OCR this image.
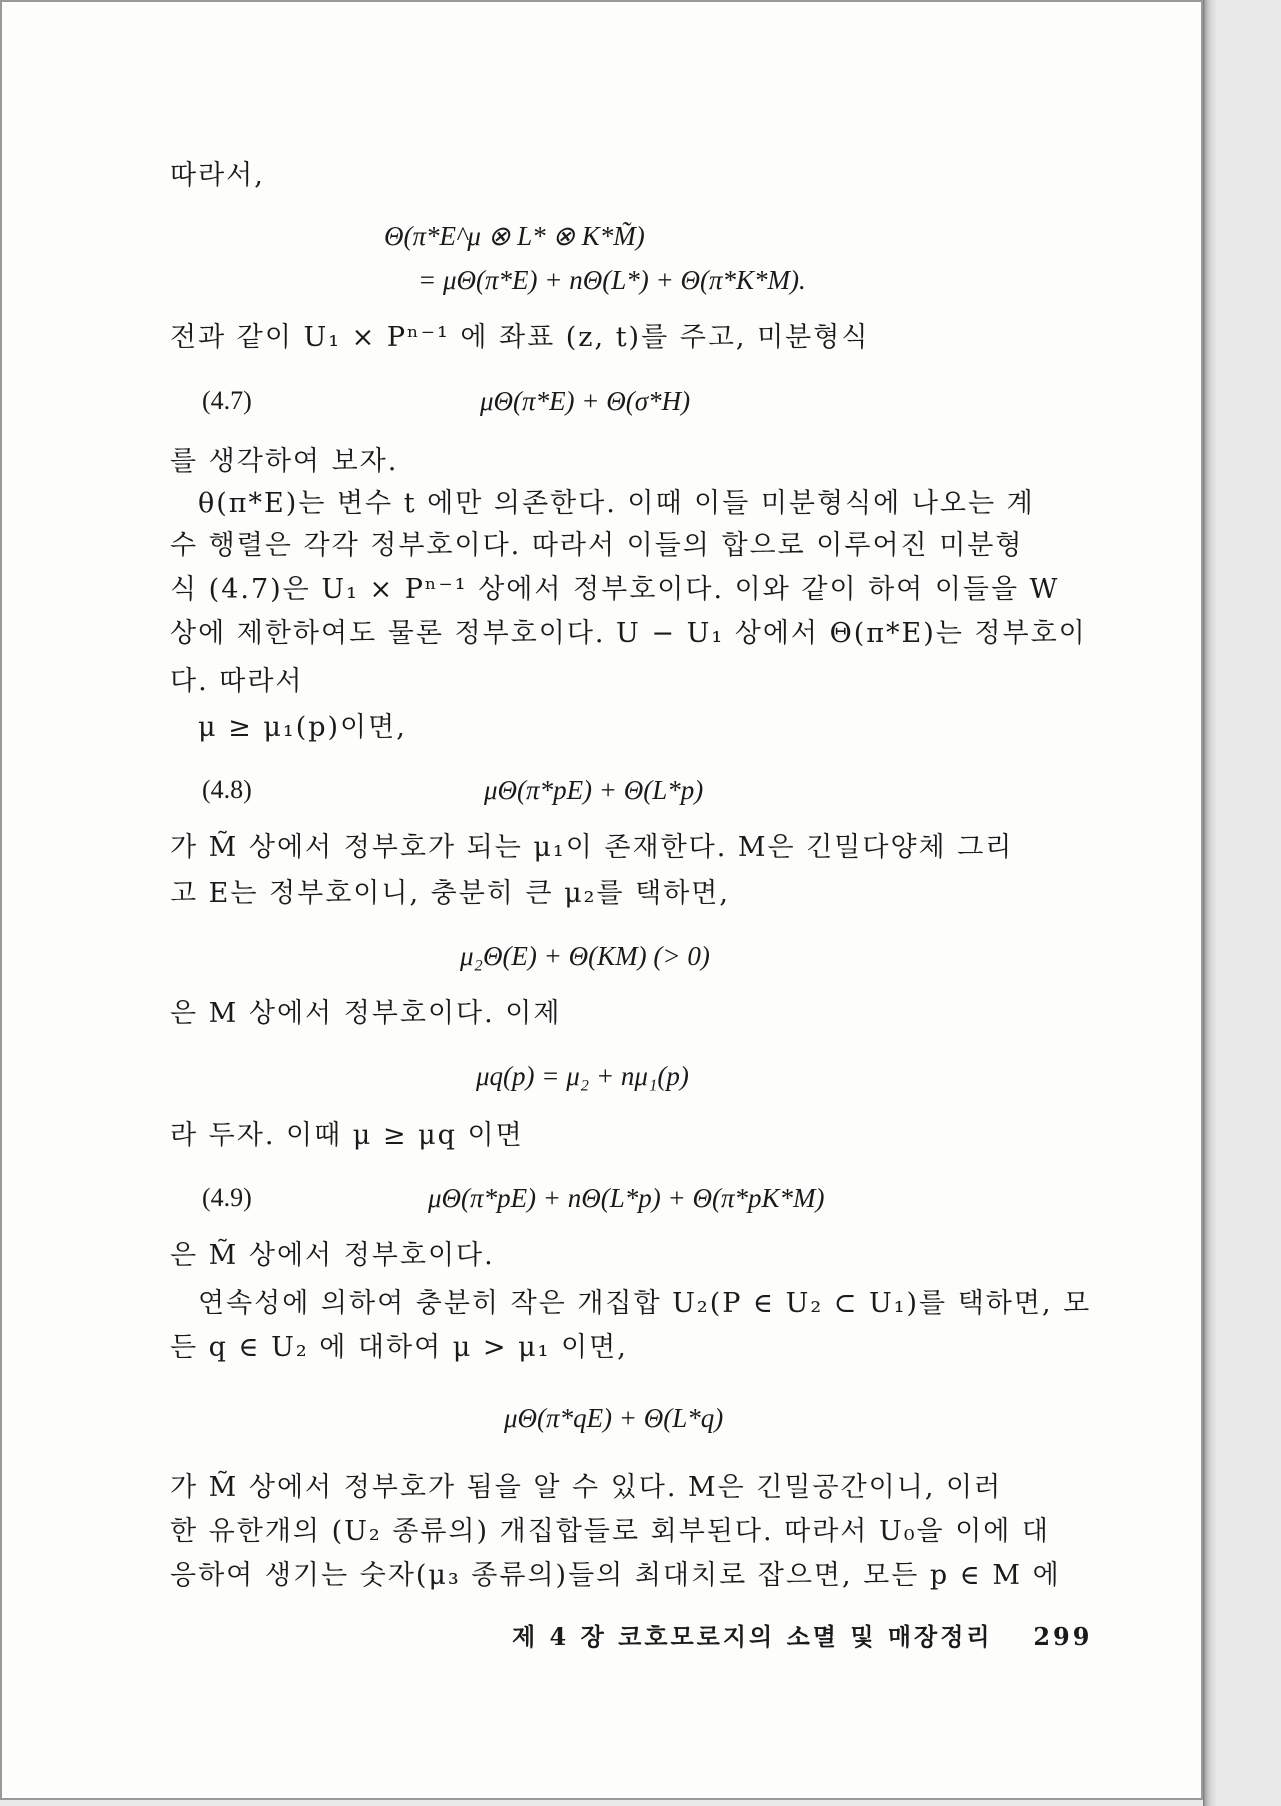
따라서,
Θ(π*E^μ ⊗ L* ⊗ K*M̃)
= μΘ(π*E) + nΘ(L*) + Θ(π*K*M).
전과 같이 U₁ × Pⁿ⁻¹ 에 좌표 (z, t)를 주고, 미분형식
(4.7)	μΘ(π*E) + Θ(σ*H)
를 생각하여 보자.
θ(π*E)는 변수 t 에만 의존한다. 이때 이들 미분형식에 나오는 계
수 행렬은 각각 정부호이다. 따라서 이들의 합으로 이루어진 미분형
식 (4.7)은 U₁ × Pⁿ⁻¹ 상에서 정부호이다. 이와 같이 하여 이들을 W
상에 제한하여도 물론 정부호이다. U − U₁ 상에서 Θ(π*E)는 정부호이
다. 따라서
μ ≥ μ₁(p)이면,
(4.8)	μΘ(π*pE) + Θ(L*p)
가 M̃ 상에서 정부호가 되는 μ₁이 존재한다. M은 긴밀다양체 그리
고 E는 정부호이니, 충분히 큰 μ₂를 택하면,
μ₂Θ(E) + Θ(KM) (> 0)
은 M 상에서 정부호이다. 이제
μq(p) = μ₂ + nμ₁(p)
라 두자. 이때 μ ≥ μq 이면
(4.9)	μΘ(π*pE) + nΘ(L*p) + Θ(π*pK*M)
은 M̃ 상에서 정부호이다.
연속성에 의하여 충분히 작은 개집합 U₂(P ∈ U₂ ⊂ U₁)를 택하면, 모
든 q ∈ U₂ 에 대하여 μ > μ₁ 이면,
μΘ(π*qE) + Θ(L*q)
가 M̃ 상에서 정부호가 됨을 알 수 있다. M은 긴밀공간이니, 이러
한 유한개의 (U₂ 종류의) 개집합들로 회부된다. 따라서 U₀을 이에 대
응하여 생기는 숫자(μ₃ 종류의)들의 최대치로 잡으면, 모든 p ∈ M 에
제 4 장 코호모로지의 소멸 및 매장정리 299
